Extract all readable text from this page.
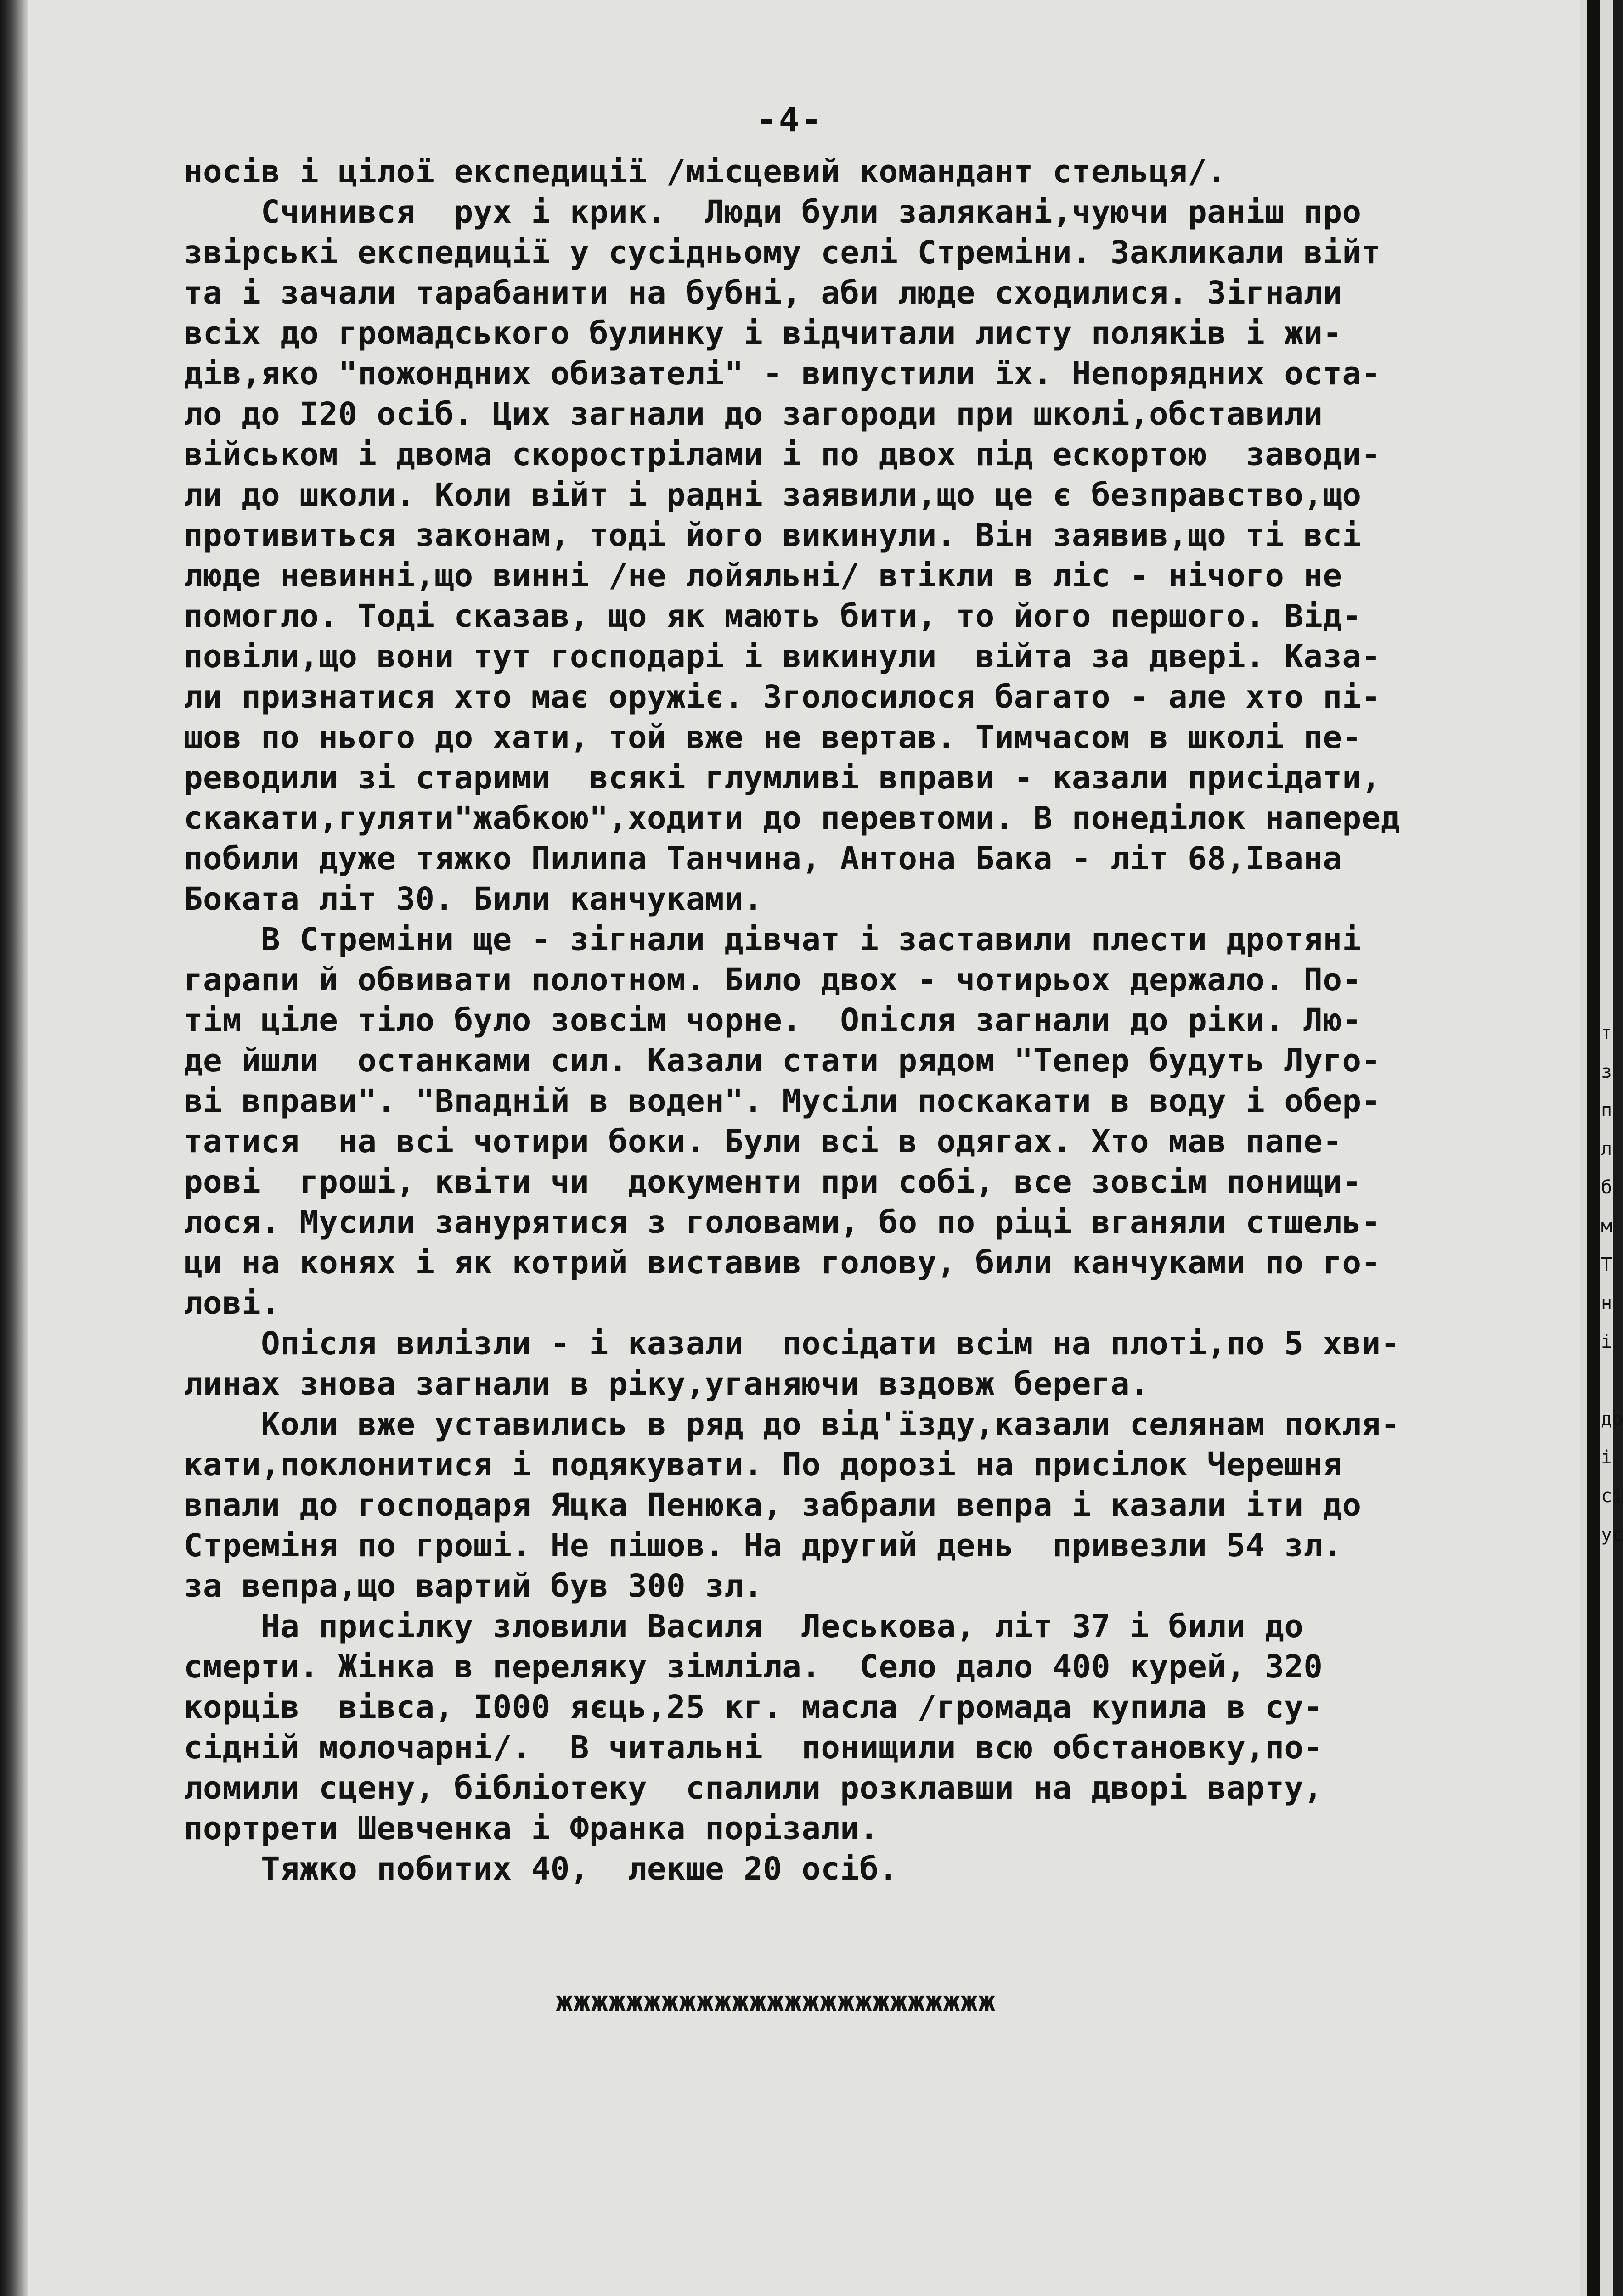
-4-
носів і цілої експедиції /місцевий командант стельця/.
Счинився  рух і крик.  Люди були залякані,чуючи раніш про
звірські експедиції у сусідньому селі Стреміни. Закликали війт
та і зачали тарабанити на бубні, аби люде сходилися. Зігнали
всіх до громадського булинку і відчитали листу поляків і жи-
дів,яко "пожондних обизателі" - випустили їх. Непорядних оста-
ло до I20 осіб. Цих загнали до загороди при школі,обставили
військом і двома скорострілами і по двох під ескортою  заводи-
ли до школи. Коли війт і радні заявили,що це є безправство,що
противиться законам, тоді його викинули. Він заявив,що ті всі
люде невинні,що винні /не лойяльні/ втікли в ліс - нічого не
помогло. Тоді сказав, що як мають бити, то його першого. Від-
повіли,що вони тут господарі і викинули  війта за двері. Каза-
ли признатися хто має оружіє. Зголосилося багато - але хто пі-
шов по нього до хати, той вже не вертав. Тимчасом в школі пе-
реводили зі старими  всякі глумливі вправи - казали присідати,
скакати,гуляти"жабкою",ходити до перевтоми. В понеділок наперед
побили дуже тяжко Пилипа Танчина, Антона Бака - літ 68,Івана
Боката літ 30. Били канчуками.
В Стреміни ще - зігнали дівчат і заставили плести дротяні
гарапи й обвивати полотном. Било двох - чотирьох держало. По-
тім ціле тіло було зовсім чорне.  Опісля загнали до ріки. Лю-
де йшли  останками сил. Казали стати рядом "Тепер будуть Луго-
ві вправи". "Впадній в воден". Мусіли поскакати в воду і обер-
татися  на всі чотири боки. Були всі в одягах. Хто мав папе-
рові  гроші, квіти чи  документи при собі, все зовсім понищи-
лося. Мусили занурятися з головами, бо по ріці вганяли стшель-
ци на конях і як котрий виставив голову, били канчуками по го-
лові.
Опісля вилізли - і казали  посідати всім на плоті,по 5 хви-
линах знова загнали в ріку,уганяючи вздовж берега.
Коли вже уставились в ряд до від'їзду,казали селянам покля-
кати,поклонитися і подякувати. По дорозі на присілок Черешня
впали до господаря Яцка Пенюка, забрали вепра і казали іти до
Стреміня по гроші. Не пішов. На другий день  привезли 54 зл.
за вепра,що вартий був 300 зл.
На присілку зловили Василя  Леськова, літ 37 і били до
смерти. Жінка в переляку зімліла.  Село дало 400 курей, 320
корців  вівса, I000 яєць,25 кг. масла /громада купила в су-
сідній молочарні/.  В читальні  понищили всю обстановку,по-
ломили сцену, бібліотеку  спалили розклавши на дворі варту,
портрети Шевченка і Франка порізали.
Тяжко побитих 40,  лекше 20 осіб.
жжжжжжжжжжжжжжжжжжжжжжжжж

т
з
п
л
б
м
Т
н
і

до
і
сі
ус
